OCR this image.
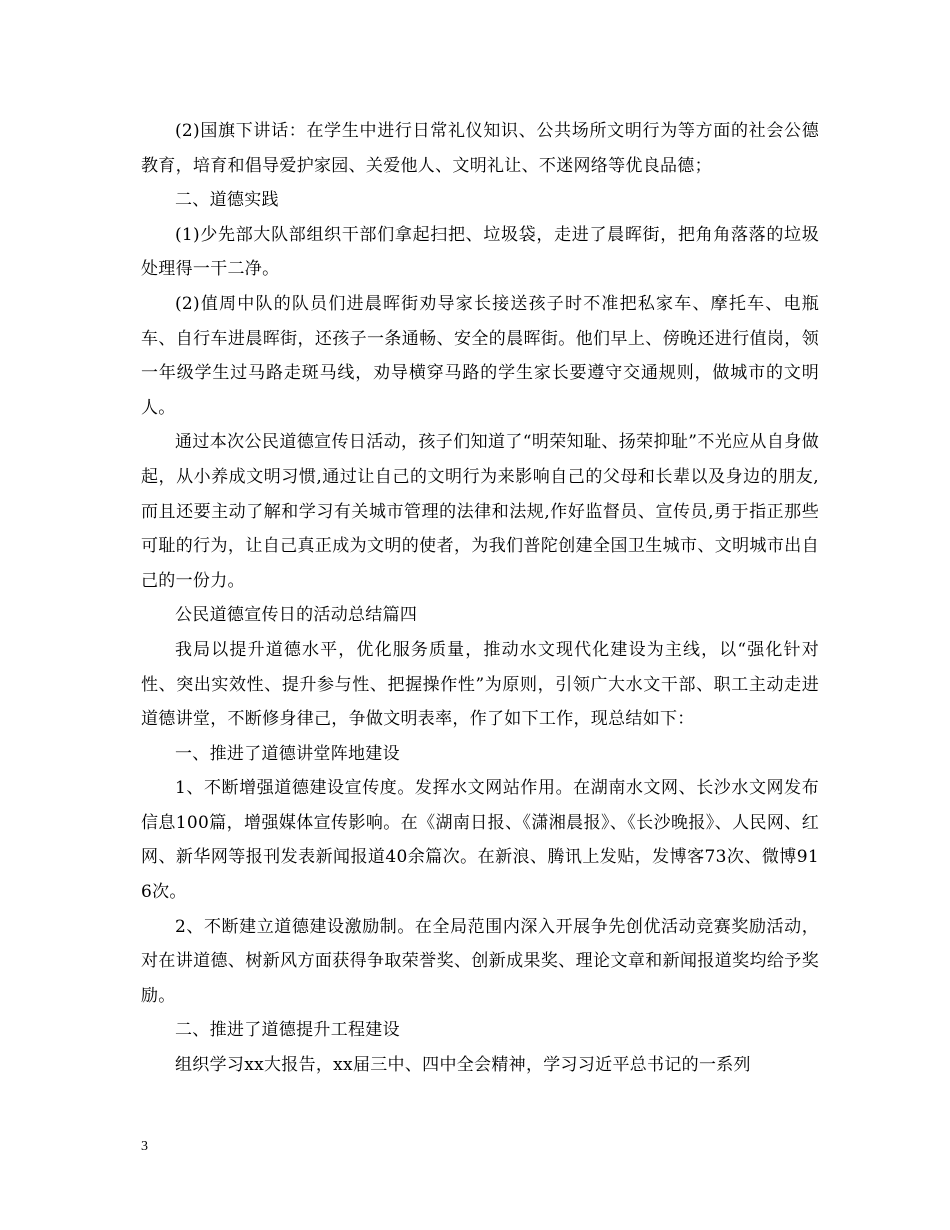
(2)国旗下讲话：在学生中进行日常礼仪知识、公共场所文明行为等方面的社会公德教育，培育和倡导爱护家园、关爱他人、文明礼让、不迷网络等优良品德；

二、道德实践

(1)少先部大队部组织干部们拿起扫把、垃圾袋，走进了晨晖街，把角角落落的垃圾处理得一干二净。

(2)值周中队的队员们进晨晖街劝导家长接送孩子时不准把私家车、摩托车、电瓶车、自行车进晨晖街，还孩子一条通畅、安全的晨晖街。他们早上、傍晚还进行值岗，领一年级学生过马路走斑马线，劝导横穿马路的学生家长要遵守交通规则，做城市的文明人。

通过本次公民道德宣传日活动，孩子们知道了“明荣知耻、扬荣抑耻”不光应从自身做起，从小养成文明习惯,通过让自己的文明行为来影响自己的父母和长辈以及身边的朋友,而且还要主动了解和学习有关城市管理的法律和法规,作好监督员、宣传员,勇于指正那些可耻的行为，让自己真正成为文明的使者，为我们普陀创建全国卫生城市、文明城市出自己的一份力。

公民道德宣传日的活动总结篇四

我局以提升道德水平，优化服务质量，推动水文现代化建设为主线，以“强化针对性、突出实效性、提升参与性、把握操作性”为原则，引领广大水文干部、职工主动走进道德讲堂，不断修身律己，争做文明表率，作了如下工作，现总结如下：

一、推进了道德讲堂阵地建设

1、不断增强道德建设宣传度。发挥水文网站作用。在湖南水文网、长沙水文网发布信息100篇，增强媒体宣传影响。在《湖南日报、《潇湘晨报》、《长沙晚报》、人民网、红网、新华网等报刊发表新闻报道40余篇次。在新浪、腾讯上发贴，发博客73次、微博916次。

2、不断建立道德建设激励制。在全局范围内深入开展争先创优活动竞赛奖励活动，对在讲道德、树新风方面获得争取荣誉奖、创新成果奖、理论文章和新闻报道奖均给予奖励。

二、推进了道德提升工程建设

组织学习xx大报告，xx届三中、四中全会精神，学习习近平总书记的一系列

3
